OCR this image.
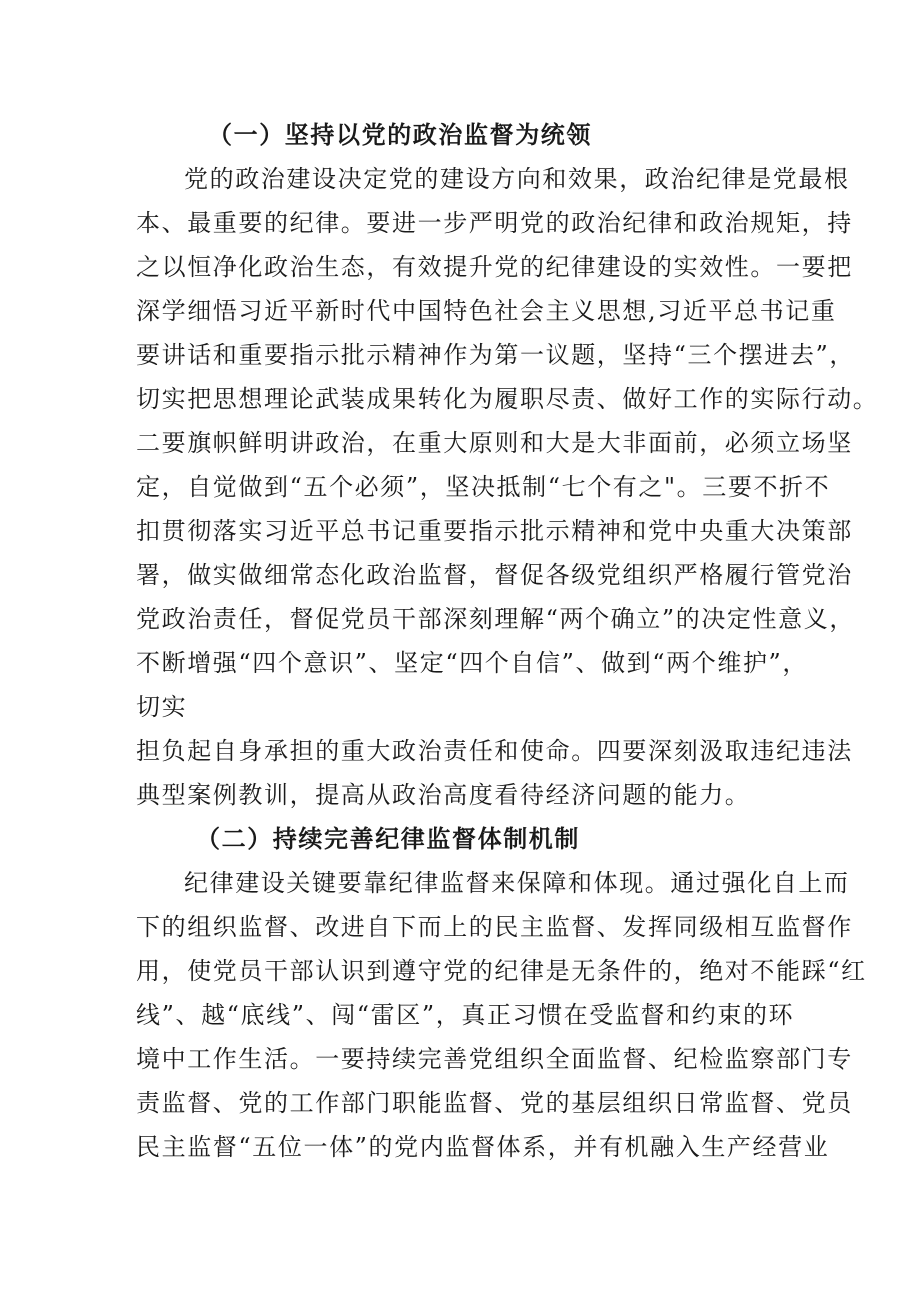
（一）坚持以党的政治监督为统领
党的政治建设决定党的建设方向和效果，政治纪律是党最根
本、最重要的纪律。要进一步严明党的政治纪律和政治规矩，持
之以恒净化政治生态，有效提升党的纪律建设的实效性。一要把
深学细悟习近平新时代中国特色社会主义思想,习近平总书记重
要讲话和重要指示批示精神作为第一议题，坚持“三个摆进去”，
切实把思想理论武装成果转化为履职尽责、做好工作的实际行动。
二要旗帜鲜明讲政治，在重大原则和大是大非面前，必须立场坚
定，自觉做到“五个必须”，坚决抵制“七个有之"。三要不折不
扣贯彻落实习近平总书记重要指示批示精神和党中央重大决策部
署，做实做细常态化政治监督，督促各级党组织严格履行管党治
党政治责任，督促党员干部深刻理解“两个确立”的决定性意义，
不断增强“四个意识”、坚定“四个自信”、做到“两个维护”，
切实
担负起自身承担的重大政治责任和使命。四要深刻汲取违纪违法
典型案例教训，提高从政治高度看待经济问题的能力。
（二）持续完善纪律监督体制机制
纪律建设关键要靠纪律监督来保障和体现。通过强化自上而
下的组织监督、改进自下而上的民主监督、发挥同级相互监督作
用，使党员干部认识到遵守党的纪律是无条件的，绝对不能踩“红
线”、越“底线”、闯“雷区”，真正习惯在受监督和约束的环
境中工作生活。一要持续完善党组织全面监督、纪检监察部门专
责监督、党的工作部门职能监督、党的基层组织日常监督、党员
民主监督“五位一体”的党内监督体系，并有机融入生产经营业
